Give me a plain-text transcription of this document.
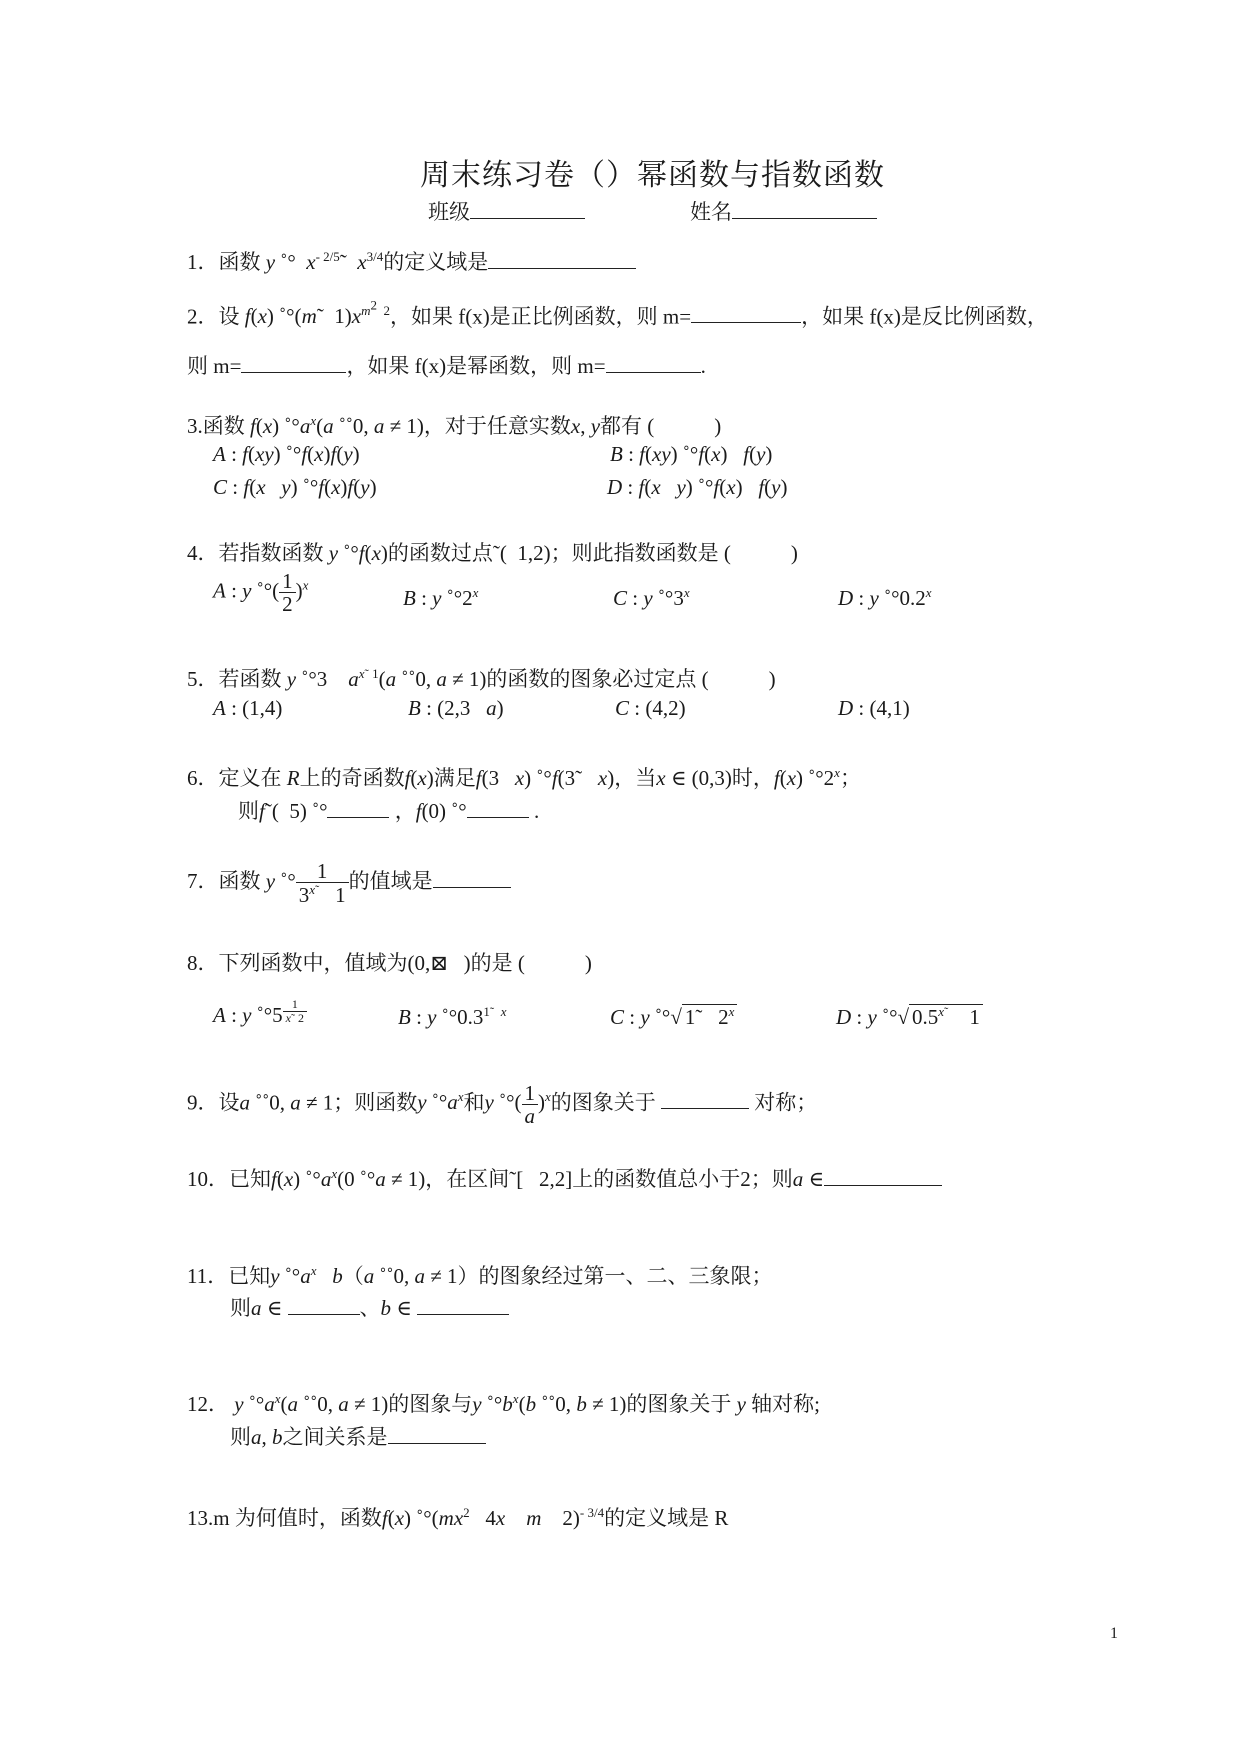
周末练习卷（）幂函数与指数函数
班级	姓名
1．函数 y ˚°  $x^{- 2/5}˜$  $x^{3/4}$的定义域是
2．设 f(x) ˚°(m˜  $1)x^{m^2 2}$，如果 f(x)是正比例函数，则 m=	，如果 f(x)是反比例函数，
则 m=	，如果 f(x)是幂函数，则 m=	.
3.函数 f(x) $˚^\circ a^x(a$ ˚˚0, a ≠ 1)，对于任意实数x, y都有 (	)
A : f(xy) ˚°f(x)f(y)	B : f(xy) ˚°f(x)   f(y)
C : f(x y) ˚°f(x)f(y)	D : f(x y) ˚°f(x)   f(y)
4．若指数函数 y ˚°f(x)的函数过点˜(  1,2)；则此指数函数是 (	)
A : y ˚°( $\frac{1}{2} )^x$
B : y ˚°2$^x$	C : y ˚°3$^x$	D : y ˚°0.2$^x$
5．若函数 y ˚°3    $a^{x˜ 1}(a$ ˚˚0, a ≠ 1)的函数的图象必过定点 (	)
A : (1,4)	B : (2,3   a)	C : (4,2)	D : (4,1)
6．定义在 R上的奇函数f(x)满足f(3   x) ˚°f(3˜   x)，当x ∈ (0,3)时，f(x) ˚°2$^x$；
则f˜(  5) ˚°	，f(0) ˚°	.
7．函数 y ˚° $\frac{1}{3^{x˜} 1}$ 的值域是
8．下列函数中，值域为(0,⊠   )的是 (	)
A : y ˚°5 $^{\frac{1}{x˜ 2}}$	B : y $˚^\circ 0.3^{1˜ x}$	C : y ˚°√ 1˜   2$^x$	D : y ˚°√ $0.5^{x˜}$    1
9．设a ˚˚0, a ≠ 1；则函数y $˚^\circ a^x$和y ˚°( $\frac{1}{a} )^x$的图象关于	对称；
10．已知f(x) $˚^\circ a^x(0$ ˚°a ≠ 1)，在区间˜[   2,2]上的函数值总小于2；则a ∈
11．已知y $˚^\circ a^x$ b（a ˚˚0, a ≠ 1）的图象经过第一、二、三象限；
则a ∈	、b ∈
12． y $˚^\circ a^x(a$ ˚˚0, a ≠ 1)的图象与y $˚^\circ b^x(b$ ˚˚0, b ≠ 1)的图象关于 y 轴对称;
则a, b之间关系是
13.m 为何值时，函数f(x) $˚^\circ(mx^2$   4x m    2)$^{- 3/4}$的定义域是 R
1
